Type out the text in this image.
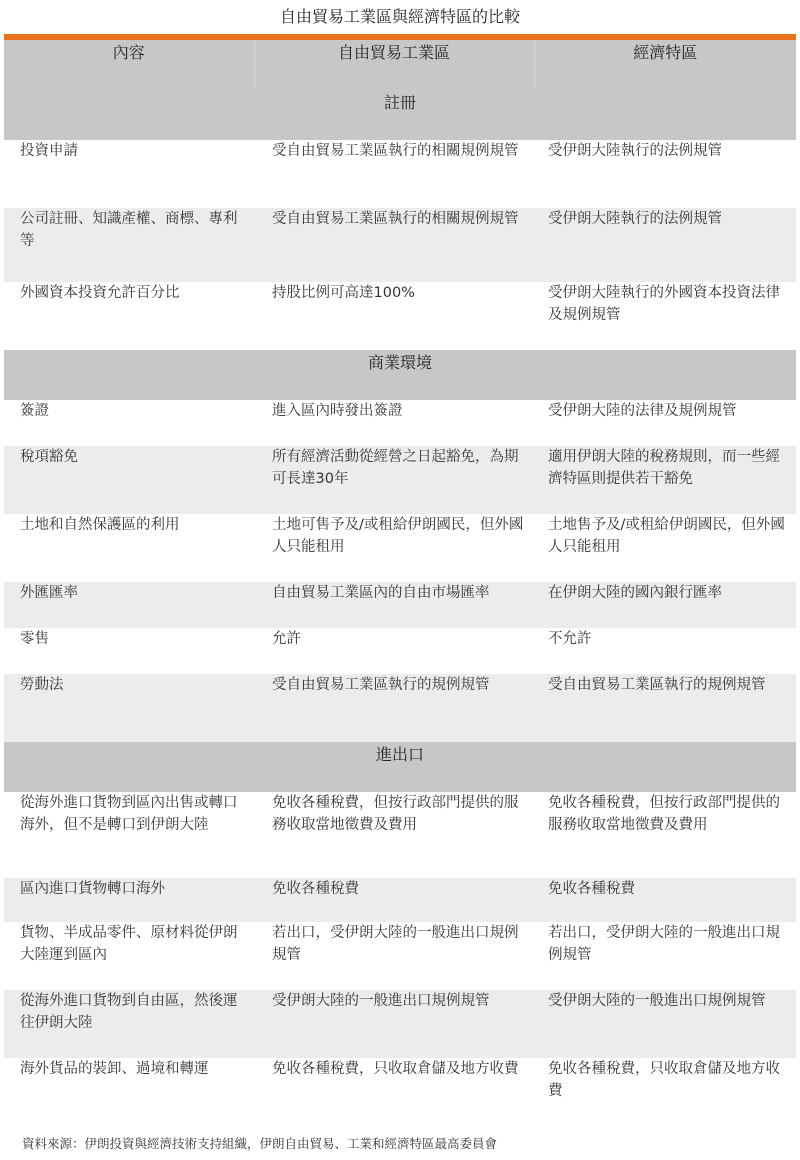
自由貿易工業區與經濟特區的比較
內容	自由貿易工業區	經濟特區
註冊		
投資申請	受自由貿易工業區執行的相關規例規管	受伊朗大陸執行的法例規管
公司註冊、知識產權、商標、專利等	受自由貿易工業區執行的相關規例規管	受伊朗大陸執行的法例規管
外國資本投資允許百分比	持股比例可高達100%	受伊朗大陸執行的外國資本投資法律及規例規管
商業環境		
簽證	進入區內時發出簽證	受伊朗大陸的法律及規例規管
稅項豁免	所有經濟活動從經營之日起豁免，為期可長達30年	適用伊朗大陸的稅務規則，而一些經濟特區則提供若干豁免
土地和自然保護區的利用	土地可售予及/或租給伊朗國民，但外國人只能租用	土地售予及/或租給伊朗國民，但外國人只能租用
外匯匯率	自由貿易工業區內的自由市場匯率	在伊朗大陸的國內銀行匯率
零售	允許	不允許
勞動法	受自由貿易工業區執行的規例規管	受自由貿易工業區執行的規例規管
進出口		
從海外進口貨物到區內出售或轉口海外，但不是轉口到伊朗大陸	免收各種稅費，但按行政部門提供的服務收取當地徵費及費用	免收各種稅費，但按行政部門提供的服務收取當地徵費及費用
區內進口貨物轉口海外	免收各種稅費	免收各種稅費
貨物、半成品零件、原材料從伊朗大陸運到區內	若出口，受伊朗大陸的一般進出口規例規管	若出口，受伊朗大陸的一般進出口規例規管
從海外進口貨物到自由區，然後運往伊朗大陸	受伊朗大陸的一般進出口規例規管	受伊朗大陸的一般進出口規例規管
海外貨品的裝卸、過境和轉運	免收各種稅費，只收取倉儲及地方收費	免收各種稅費，只收取倉儲及地方收費
資料來源：伊朗投資與經濟技術支持組織，伊朗自由貿易、工業和經濟特區最高委員會
